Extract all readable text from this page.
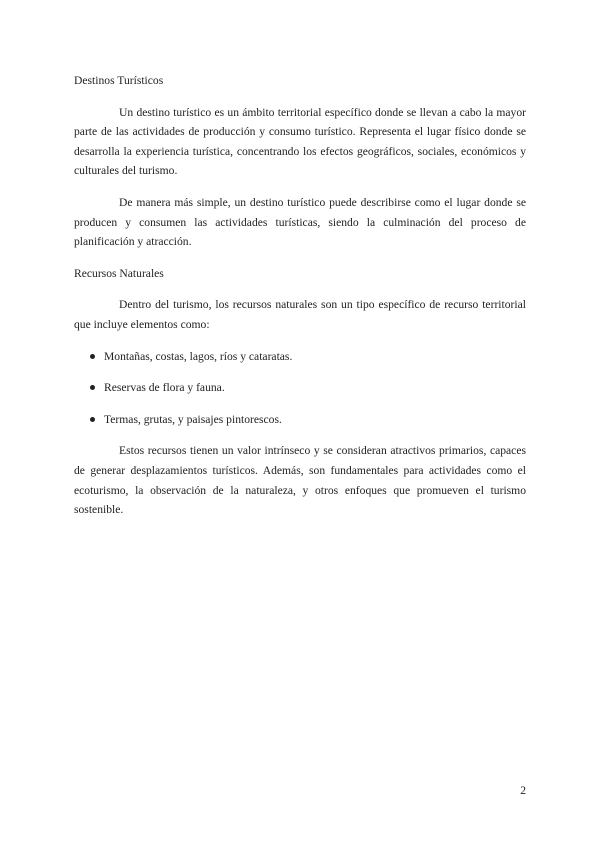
Destinos Turísticos

Un destino turístico es un ámbito territorial específico donde se llevan a cabo la mayor parte de las actividades de producción y consumo turístico. Representa el lugar físico donde se desarrolla la experiencia turística, concentrando los efectos geográficos, sociales, económicos y culturales del turismo.

De manera más simple, un destino turístico puede describirse como el lugar donde se producen y consumen las actividades turísticas, siendo la culminación del proceso de planificación y atracción.

Recursos Naturales

Dentro del turismo, los recursos naturales son un tipo específico de recurso territorial que incluye elementos como:

Montañas, costas, lagos, ríos y cataratas.
Reservas de flora y fauna.
Termas, grutas, y paisajes pintorescos.

Estos recursos tienen un valor intrínseco y se consideran atractivos primarios, capaces de generar desplazamientos turísticos. Además, son fundamentales para actividades como el ecoturismo, la observación de la naturaleza, y otros enfoques que promueven el turismo sostenible.

2
